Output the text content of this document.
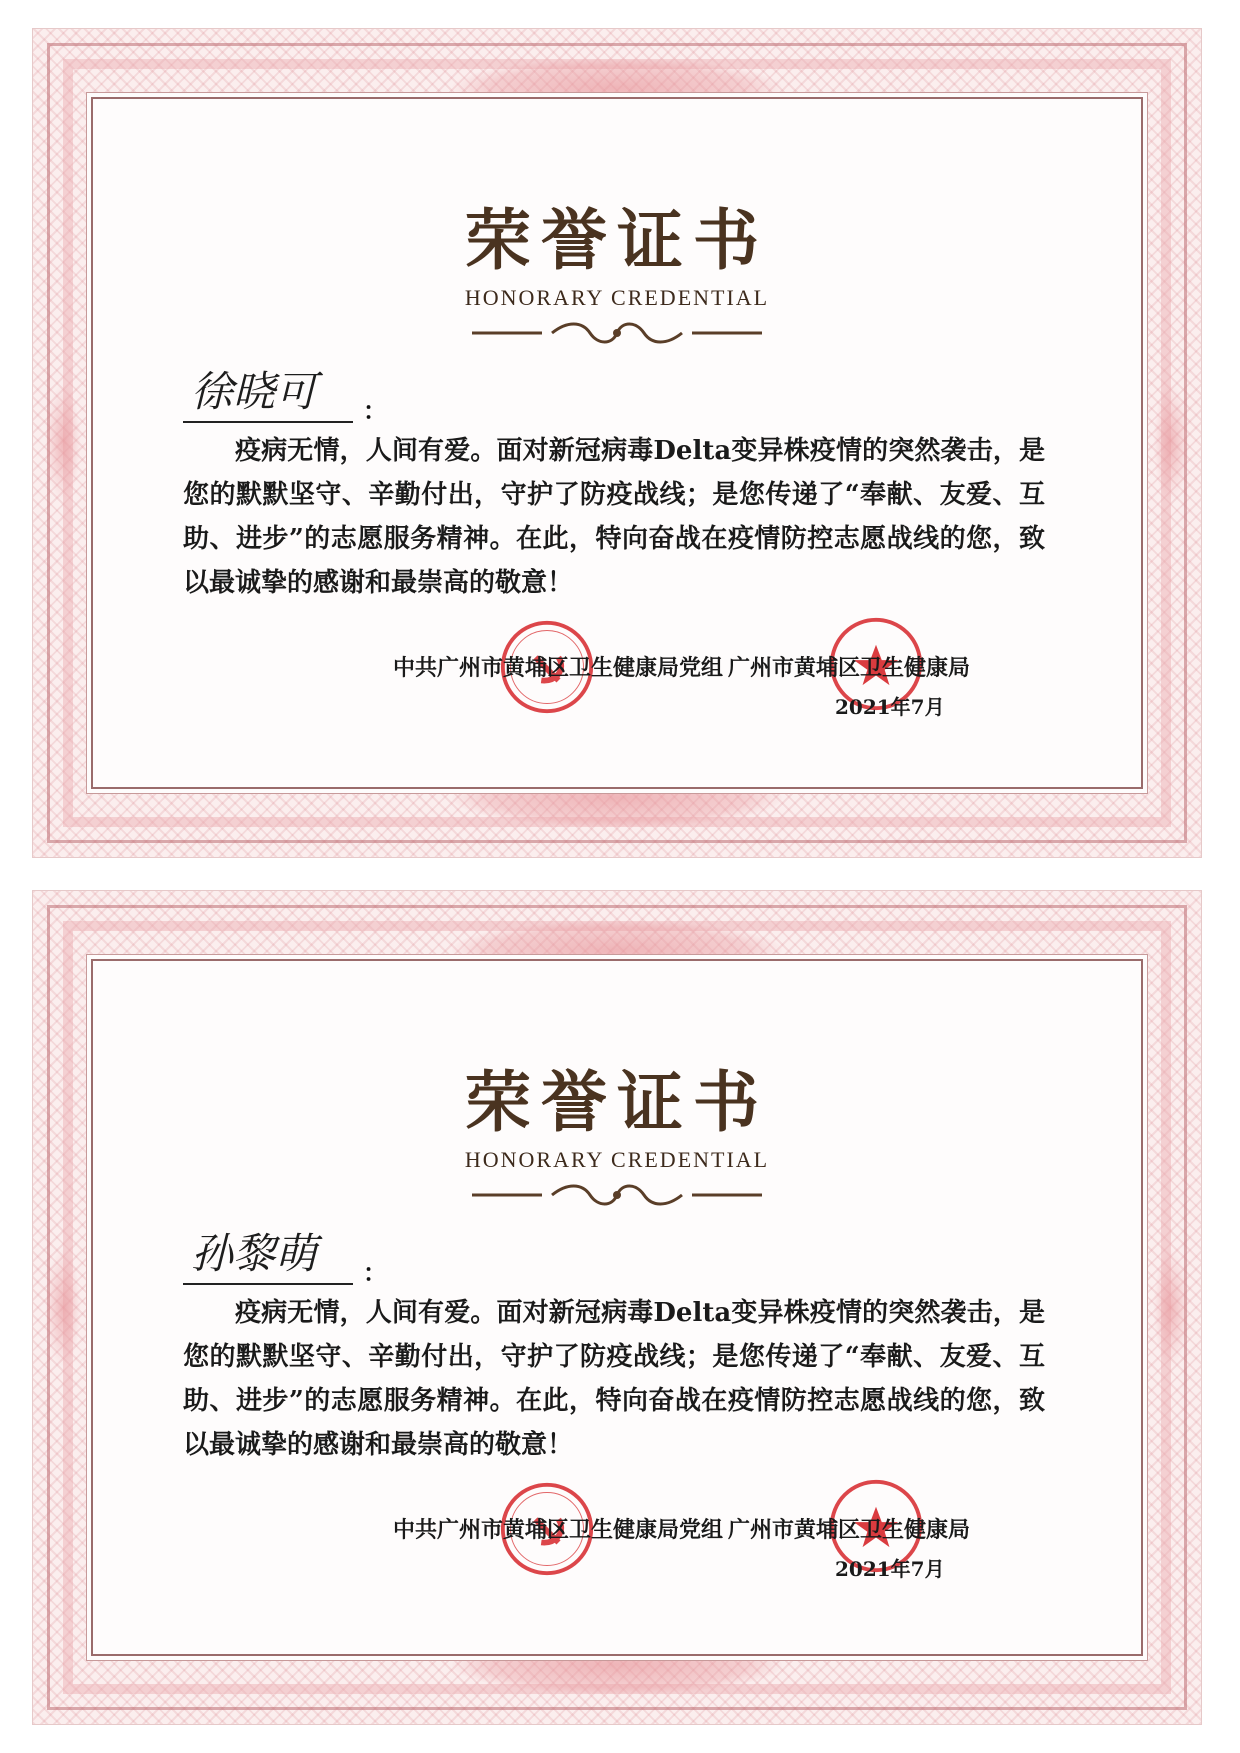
荣誉证书
HONORARY CREDENTIAL
徐晓可 ：
疫病无情，人间有爱。面对新冠病毒Delta变异株疫情的突然袭击，是您的默默坚守、辛勤付出，守护了防疫战线；是您传递了“奉献、友爱、互助、进步”的志愿服务精神。在此，特向奋战在疫情防控志愿战线的您，致以最诚挚的感谢和最崇高的敬意！
中共广州市黄埔区卫生健康局党组 广州市黄埔区卫生健康局
2021年7月
荣誉证书
HONORARY CREDENTIAL
孙黎萌 ：
疫病无情，人间有爱。面对新冠病毒Delta变异株疫情的突然袭击，是您的默默坚守、辛勤付出，守护了防疫战线；是您传递了“奉献、友爱、互助、进步”的志愿服务精神。在此，特向奋战在疫情防控志愿战线的您，致以最诚挚的感谢和最崇高的敬意！
中共广州市黄埔区卫生健康局党组 广州市黄埔区卫生健康局
2021年7月
